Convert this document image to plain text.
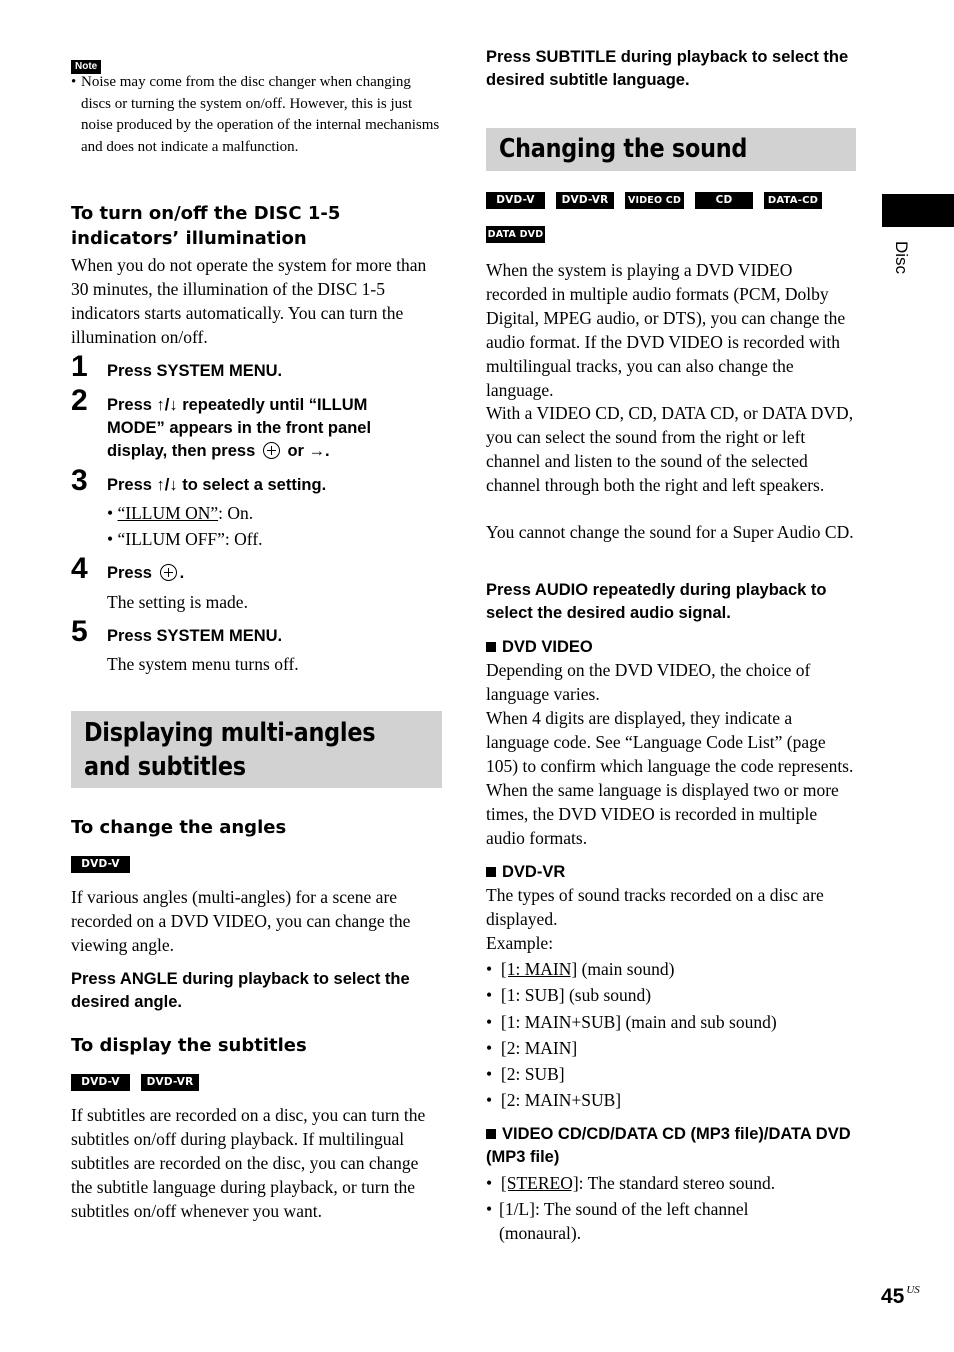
Note
• Noise may come from the disc changer when changing discs or turning the system on/off. However, this is just noise produced by the operation of the internal mechanisms and does not indicate a malfunction.
To turn on/off the DISC 1-5 indicators’ illumination
When you do not operate the system for more than 30 minutes, the illumination of the DISC 1-5 indicators starts automatically. You can turn the illumination on/off.
1 Press SYSTEM MENU.
2 Press ↑/↓ repeatedly until “ILLUM MODE” appears in the front panel display, then press or →.
3 Press ↑/↓ to select a setting.
• “ILLUM ON”: On.
• “ILLUM OFF”: Off.
4 Press .
The setting is made.
5 Press SYSTEM MENU.
The system menu turns off.
Displaying multi-angles and subtitles
To change the angles
DVD-V
If various angles (multi-angles) for a scene are recorded on a DVD VIDEO, you can change the viewing angle.
Press ANGLE during playback to select the desired angle.
To display the subtitles
DVD-V	DVD-VR
If subtitles are recorded on a disc, you can turn the subtitles on/off during playback. If multilingual subtitles are recorded on the disc, you can change the subtitle language during playback, or turn the subtitles on/off whenever you want.
Press SUBTITLE during playback to select the desired subtitle language.
Changing the sound
DVD-V	DVD-VR	VIDEO CD	CD	DATA-CD
DATA DVD
When the system is playing a DVD VIDEO recorded in multiple audio formats (PCM, Dolby Digital, MPEG audio, or DTS), you can change the audio format. If the DVD VIDEO is recorded with multilingual tracks, you can also change the language.
With a VIDEO CD, CD, DATA CD, or DATA DVD, you can select the sound from the right or left channel and listen to the sound of the selected channel through both the right and left speakers.
You cannot change the sound for a Super Audio CD.
Press AUDIO repeatedly during playback to select the desired audio signal.
DVD VIDEO
Depending on the DVD VIDEO, the choice of language varies.
When 4 digits are displayed, they indicate a language code. See “Language Code List” (page 105) to confirm which language the code represents. When the same language is displayed two or more times, the DVD VIDEO is recorded in multiple audio formats.
DVD-VR
The types of sound tracks recorded on a disc are displayed.
Example:
•  [1: MAIN] (main sound)
•  [1: SUB] (sub sound)
•  [1: MAIN+SUB] (main and sub sound)
•  [2: MAIN]
•  [2: SUB]
•  [2: MAIN+SUB]
VIDEO CD/CD/DATA CD (MP3 file)/DATA DVD (MP3 file)
•  [STEREO]: The standard stereo sound.
• [1/L]: The sound of the left channel (monaural).
Disc
45 $^{US}$
